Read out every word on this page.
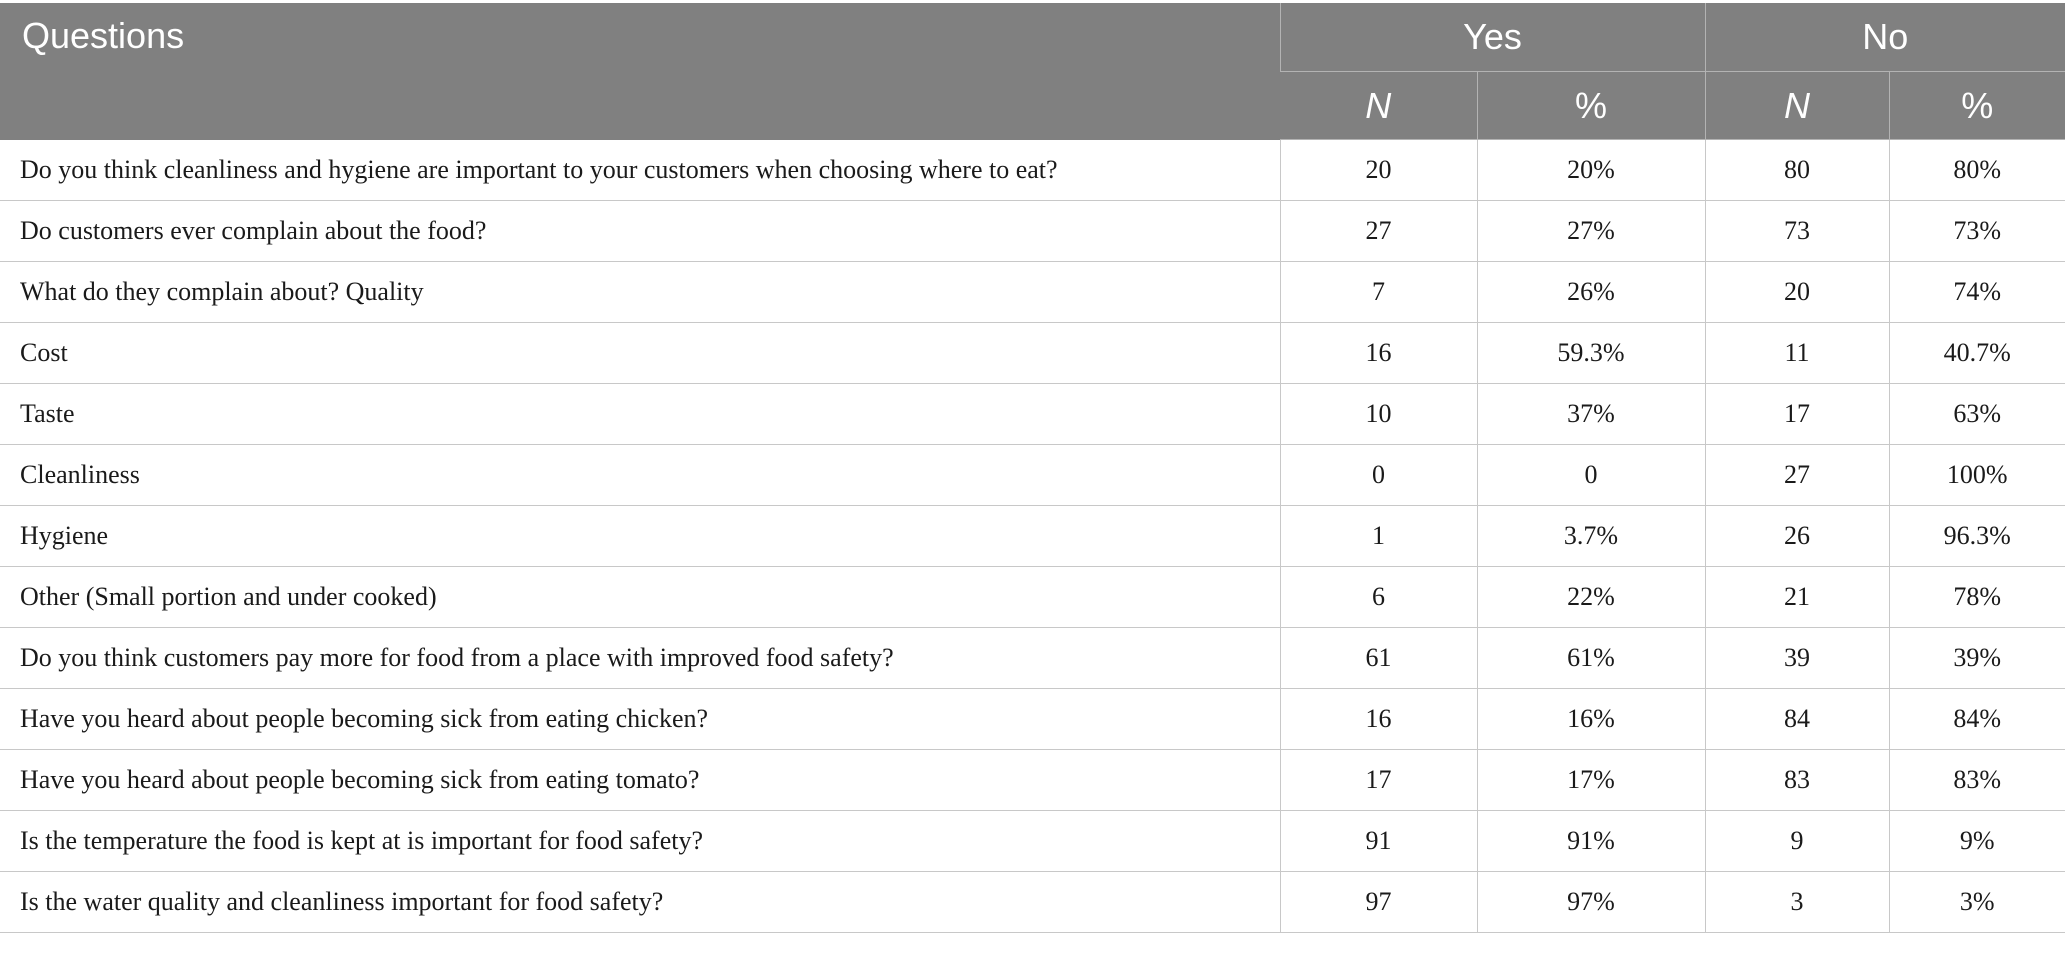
Questions	Yes		No	
	N	%	N	%
Do you think cleanliness and hygiene are important to your customers when choosing where to eat?	20	20%	80	80%
Do customers ever complain about the food?	27	27%	73	73%
What do they complain about? Quality	7	26%	20	74%
Cost	16	59.3%	11	40.7%
Taste	10	37%	17	63%
Cleanliness	0	0	27	100%
Hygiene	1	3.7%	26	96.3%
Other (Small portion and under cooked)	6	22%	21	78%
Do you think customers pay more for food from a place with improved food safety?	61	61%	39	39%
Have you heard about people becoming sick from eating chicken?	16	16%	84	84%
Have you heard about people becoming sick from eating tomato?	17	17%	83	83%
Is the temperature the food is kept at is important for food safety?	91	91%	9	9%
Is the water quality and cleanliness important for food safety?	97	97%	3	3%
